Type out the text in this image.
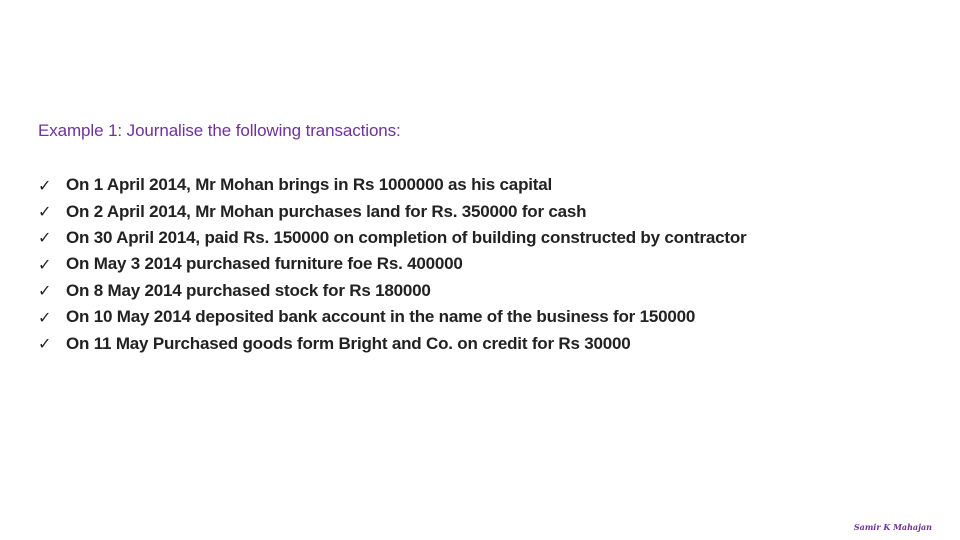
Example 1: Journalise the following transactions:
✓ On 1 April 2014, Mr Mohan brings in Rs 1000000 as his capital
✓ On 2 April 2014, Mr Mohan purchases land for Rs. 350000 for cash
✓ On 30 April 2014, paid Rs. 150000 on completion of building constructed by contractor
✓ On May 3 2014 purchased furniture foe Rs. 400000
✓ On 8 May 2014 purchased stock for Rs 180000
✓ On 10 May 2014 deposited bank account in the name of the business for 150000
✓ On 11 May Purchased goods form Bright and Co. on credit for Rs 30000
Samir K Mahajan
